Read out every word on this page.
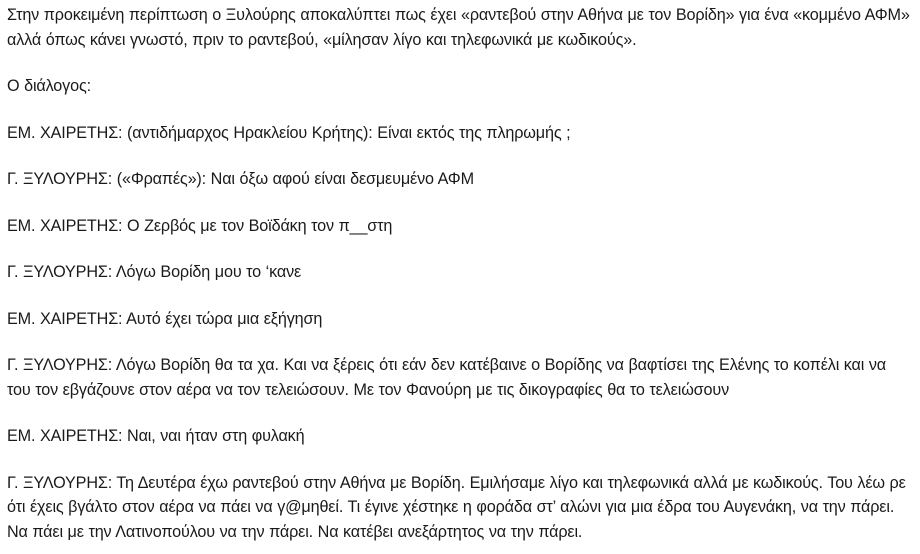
Στην προκειμένη περίπτωση ο Ξυλούρης αποκαλύπτει πως έχει «ραντεβού στην Αθήνα με τον Βορίδη» για ένα «κομμένο ΑΦΜ» αλλά όπως κάνει γνωστό, πριν το ραντεβού, «μίλησαν λίγο και τηλεφωνικά με κωδικούς».

Ο διάλογος:

ΕΜ. ΧΑΙΡΕΤΗΣ: (αντιδήμαρχος Ηρακλείου Κρήτης): Είναι εκτός της πληρωμής ;

Γ. ΞΥΛΟΥΡΗΣ: («Φραπές»): Ναι όξω αφού είναι δεσμευμένο ΑΦΜ

ΕΜ. ΧΑΙΡΕΤΗΣ: Ο Ζερβός με τον Βοϊδάκη τον π__στη

Γ. ΞΥΛΟΥΡΗΣ: Λόγω Βορίδη μου το ‘κανε

ΕΜ. ΧΑΙΡΕΤΗΣ: Αυτό έχει τώρα μια εξήγηση

Γ. ΞΥΛΟΥΡΗΣ: Λόγω Βορίδη θα τα χα. Και να ξέρεις ότι εάν δεν κατέβαινε ο Βορίδης να βαφτίσει της Ελένης το κοπέλι και να του τον εβγάζουνε στον αέρα να τον τελειώσουν. Με τον Φανούρη με τις δικογραφίες θα το τελειώσουν

ΕΜ. ΧΑΙΡΕΤΗΣ: Ναι, ναι ήταν στη φυλακή

Γ. ΞΥΛΟΥΡΗΣ: Τη Δευτέρα έχω ραντεβού στην Αθήνα με Βορίδη. Εμιλήσαμε λίγο και τηλεφωνικά αλλά με κωδικούς. Του λέω ρε ότι έχεις βγάλτο στον αέρα να πάει να γ@μηθεί. Τι έγινε χέστηκε η φοράδα στ’ αλώνι για μια έδρα του Αυγενάκη, να την πάρει. Να πάει με την Λατινοπούλου να την πάρει. Να κατέβει ανεξάρτητος να την πάρει.
